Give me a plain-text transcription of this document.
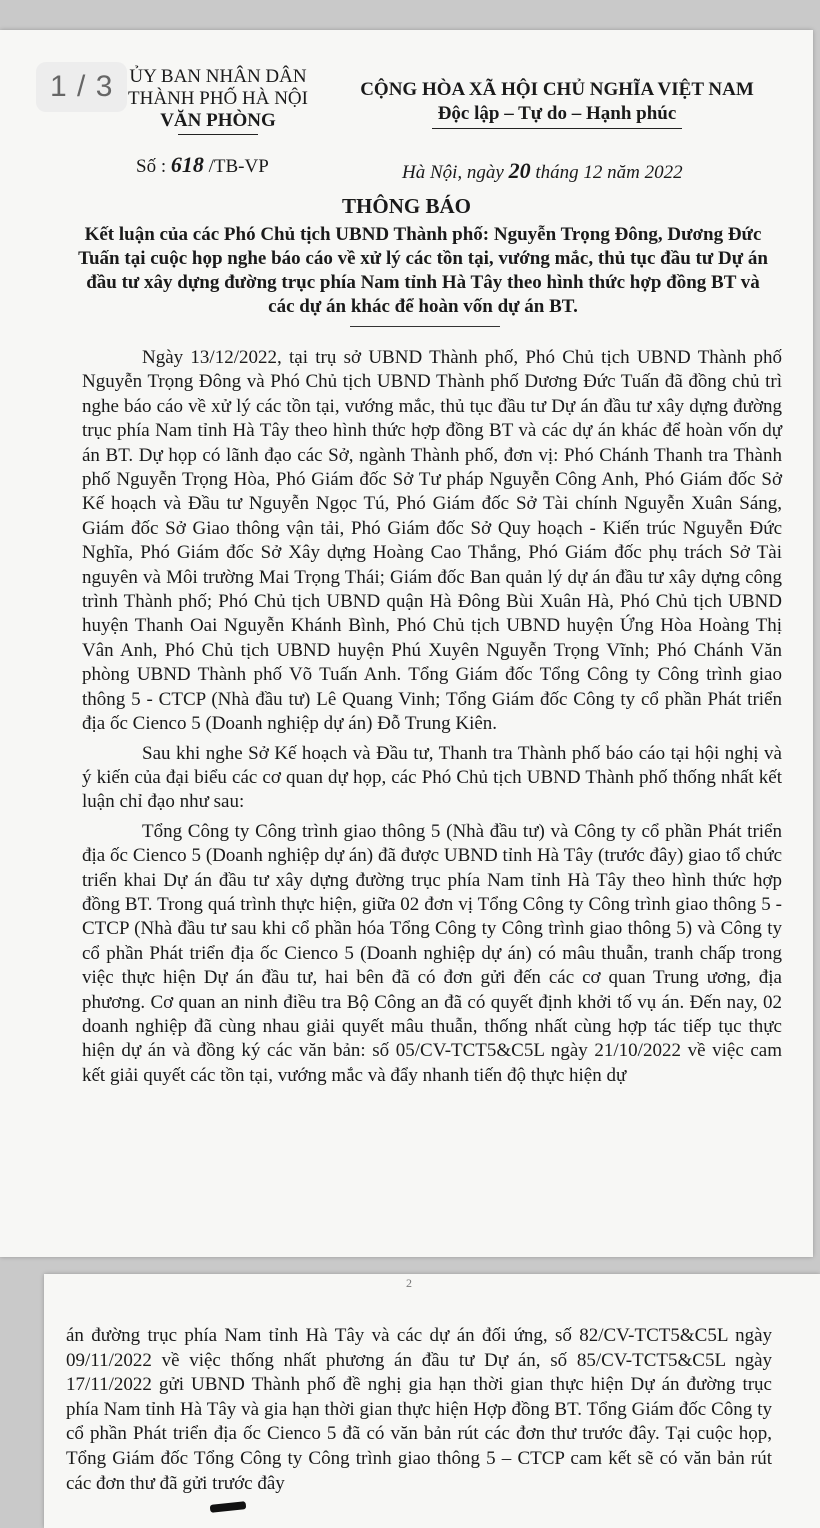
1 / 3 ỦY BAN NHÂN DÂN
THÀNH PHỐ HÀ NỘI
VĂN PHÒNG
CỘNG HÒA XÃ HỘI CHỦ NGHĨA VIỆT NAM
Độc lập – Tự do – Hạnh phúc
Số : 618 /TB-VP	Hà Nội, ngày 20 tháng 12 năm 2022
THÔNG BÁO
Kết luận của các Phó Chủ tịch UBND Thành phố: Nguyễn Trọng Đông, Dương Đức Tuấn tại cuộc họp nghe báo cáo về xử lý các tồn tại, vướng mắc, thủ tục đầu tư Dự án đầu tư xây dựng đường trục phía Nam tỉnh Hà Tây theo hình thức hợp đồng BT và các dự án khác để hoàn vốn dự án BT.

Ngày 13/12/2022, tại trụ sở UBND Thành phố, Phó Chủ tịch UBND Thành phố Nguyễn Trọng Đông và Phó Chủ tịch UBND Thành phố Dương Đức Tuấn đã đồng chủ trì nghe báo cáo về xử lý các tồn tại, vướng mắc, thủ tục đầu tư Dự án đầu tư xây dựng đường trục phía Nam tỉnh Hà Tây theo hình thức hợp đồng BT và các dự án khác để hoàn vốn dự án BT. Dự họp có lãnh đạo các Sở, ngành Thành phố, đơn vị: Phó Chánh Thanh tra Thành phố Nguyễn Trọng Hòa, Phó Giám đốc Sở Tư pháp Nguyễn Công Anh, Phó Giám đốc Sở Kế hoạch và Đầu tư Nguyễn Ngọc Tú, Phó Giám đốc Sở Tài chính Nguyễn Xuân Sáng, Giám đốc Sở Giao thông vận tải, Phó Giám đốc Sở Quy hoạch - Kiến trúc Nguyễn Đức Nghĩa, Phó Giám đốc Sở Xây dựng Hoàng Cao Thắng, Phó Giám đốc phụ trách Sở Tài nguyên và Môi trường Mai Trọng Thái; Giám đốc Ban quản lý dự án đầu tư xây dựng công trình Thành phố; Phó Chủ tịch UBND quận Hà Đông Bùi Xuân Hà, Phó Chủ tịch UBND huyện Thanh Oai Nguyễn Khánh Bình, Phó Chủ tịch UBND huyện Ứng Hòa Hoàng Thị Vân Anh, Phó Chủ tịch UBND huyện Phú Xuyên Nguyễn Trọng Vĩnh; Phó Chánh Văn phòng UBND Thành phố Võ Tuấn Anh. Tổng Giám đốc Tổng Công ty Công trình giao thông 5 - CTCP (Nhà đầu tư) Lê Quang Vinh; Tổng Giám đốc Công ty cổ phần Phát triển địa ốc Cienco 5 (Doanh nghiệp dự án) Đỗ Trung Kiên.

Sau khi nghe Sở Kế hoạch và Đầu tư, Thanh tra Thành phố báo cáo tại hội nghị và ý kiến của đại biểu các cơ quan dự họp, các Phó Chủ tịch UBND Thành phố thống nhất kết luận chỉ đạo như sau:

Tổng Công ty Công trình giao thông 5 (Nhà đầu tư) và Công ty cổ phần Phát triển địa ốc Cienco 5 (Doanh nghiệp dự án) đã được UBND tỉnh Hà Tây (trước đây) giao tổ chức triển khai Dự án đầu tư xây dựng đường trục phía Nam tỉnh Hà Tây theo hình thức hợp đồng BT. Trong quá trình thực hiện, giữa 02 đơn vị Tổng Công ty Công trình giao thông 5 - CTCP (Nhà đầu tư sau khi cổ phần hóa Tổng Công ty Công trình giao thông 5) và Công ty cổ phần Phát triển địa ốc Cienco 5 (Doanh nghiệp dự án) có mâu thuẫn, tranh chấp trong việc thực hiện Dự án đầu tư, hai bên đã có đơn gửi đến các cơ quan Trung ương, địa phương. Cơ quan an ninh điều tra Bộ Công an đã có quyết định khởi tố vụ án. Đến nay, 02 doanh nghiệp đã cùng nhau giải quyết mâu thuẫn, thống nhất cùng hợp tác tiếp tục thực hiện dự án và đồng ký các văn bản: số 05/CV-TCT5&C5L ngày 21/10/2022 về việc cam kết giải quyết các tồn tại, vướng mắc và đẩy nhanh tiến độ thực hiện dự

2

án đường trục phía Nam tỉnh Hà Tây và các dự án đối ứng, số 82/CV-TCT5&C5L ngày 09/11/2022 về việc thống nhất phương án đầu tư Dự án, số 85/CV-TCT5&C5L ngày 17/11/2022 gửi UBND Thành phố đề nghị gia hạn thời gian thực hiện Dự án đường trục phía Nam tỉnh Hà Tây và gia hạn thời gian thực hiện Hợp đồng BT. Tổng Giám đốc Công ty cổ phần Phát triển địa ốc Cienco 5 đã có văn bản rút các đơn thư trước đây. Tại cuộc họp, Tổng Giám đốc Tổng Công ty Công trình giao thông 5 – CTCP cam kết sẽ có văn bản rút các đơn thư đã gửi trước đây
